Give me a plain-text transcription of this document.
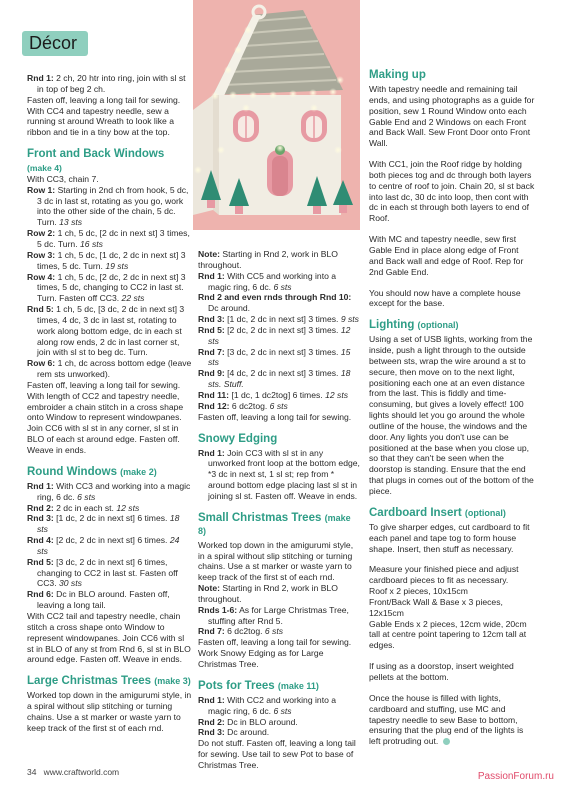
Décor

Rnd 1: 2 ch, 20 htr into ring, join with sl st in top of beg 2 ch.

Fasten off, leaving a long tail for sewing. With CC4 and tapestry needle, sew a running st around Wreath to look like a ribbon and tie in a tiny bow at the top.

Front and Back Windows

(make 4)

With CC3, chain 7.

Row 1: Starting in 2nd ch from hook, 5 dc, 3 dc in last st, rotating as you go, work into the other side of the chain, 5 dc. Turn. 13 sts

Row 2: 1 ch, 5 dc, [2 dc in next st] 3 times, 5 dc. Turn. 16 sts

Row 3: 1 ch, 5 dc, [1 dc, 2 dc in next st] 3 times, 5 dc. Turn. 19 sts

Row 4: 1 ch, 5 dc, [2 dc, 2 dc in next st] 3 times, 5 dc, changing to CC2 in last st. Turn. Fasten off CC3. 22 sts

Rnd 5: 1 ch, 5 dc, [3 dc, 2 dc in next st] 3 times, 4 dc, 3 dc in last st, rotating to work along bottom edge, dc in each st along row ends, 2 dc in last corner st, join with sl st to beg dc. Turn.

Row 6: 1 ch, dc across bottom edge (leave rem sts unworked).

Fasten off, leaving a long tail for sewing. With length of CC2 and tapestry needle, embroider a chain stitch in a cross shape onto Window to represent windowpanes. Join CC6 with sl st in any corner, sl st in BLO of each st around edge. Fasten off. Weave in ends.

Round Windows (make 2)

Rnd 1: With CC3 and working into a magic ring, 6 dc. 6 sts

Rnd 2: 2 dc in each st. 12 sts

Rnd 3: [1 dc, 2 dc in next st] 6 times. 18 sts

Rnd 4: [2 dc, 2 dc in next st] 6 times. 24 sts

Rnd 5: [3 dc, 2 dc in next st] 6 times, changing to CC2 in last st. Fasten off CC3. 30 sts

Rnd 6: Dc in BLO around. Fasten off, leaving a long tail.

With CC2 tail and tapestry needle, chain stitch a cross shape onto Window to represent windowpanes. Join CC6 with sl st in BLO of any st from Rnd 6, sl st in BLO around edge. Fasten off. Weave in ends.

Large Christmas Trees (make 3)

Worked top down in the amigurumi style, in a spiral without slip stitching or turning chains. Use a st marker or waste yarn to keep track of the first st of each rnd.

Note: Starting in Rnd 2, work in BLO throughout.

Rnd 1: With CC5 and working into a magic ring, 6 dc. 6 sts

Rnd 2 and even rnds through Rnd 10: Dc around.

Rnd 3: [1 dc, 2 dc in next st] 3 times. 9 sts

Rnd 5: [2 dc, 2 dc in next st] 3 times. 12 sts

Rnd 7: [3 dc, 2 dc in next st] 3 times. 15 sts

Rnd 9: [4 dc, 2 dc in next st] 3 times. 18 sts. Stuff.

Rnd 11: [1 dc, 1 dc2tog] 6 times. 12 sts

Rnd 12: 6 dc2tog. 6 sts

Fasten off, leaving a long tail for sewing.

Snowy Edging

Rnd 1: Join CC3 with sl st in any unworked front loop at the bottom edge, *3 dc in next st, 1 sl st; rep from * around bottom edge placing last sl st in joining sl st. Fasten off. Weave in ends.

Small Christmas Trees (make 8)

Worked top down in the amigurumi style, in a spiral without slip stitching or turning chains. Use a st marker or waste yarn to keep track of the first st of each rnd.

Note: Starting in Rnd 2, work in BLO throughout.

Rnds 1-6: As for Large Christmas Tree, stuffing after Rnd 5.

Rnd 7: 6 dc2tog. 6 sts

Fasten off, leaving a long tail for sewing. Work Snowy Edging as for Large Christmas Tree.

Pots for Trees (make 11)

Rnd 1: With CC2 and working into a magic ring, 6 dc. 6 sts

Rnd 2: Dc in BLO around.

Rnd 3: Dc around.

Do not stuff. Fasten off, leaving a long tail for sewing. Use tail to sew Pot to base of Christmas Tree.

Making up

With tapestry needle and remaining tail ends, and using photographs as a guide for position, sew 1 Round Window onto each Gable End and 2 Windows on each Front and Back Wall. Sew Front Door onto Front Wall.

With CC1, join the Roof ridge by holding both pieces tog and dc through both layers to centre of roof to join. Chain 20, sl st back into last dc, 30 dc into loop, then cont with dc in each st through both layers to end of Roof.

With MC and tapestry needle, sew first Gable End in place along edge of Front and Back wall and edge of Roof. Rep for 2nd Gable End.

You should now have a complete house except for the base.

Lighting (optional)

Using a set of USB lights, working from the inside, push a light through to the outside between sts, wrap the wire around a st to secure, then move on to the next light, positioning each one at an even distance from the last. This is fiddly and time-consuming, but gives a lovely effect! 100 lights should let you go around the whole outline of the house, the windows and the door. Any lights you don't use can be positioned at the base when you close up, so that they can't be seen when the doorstop is standing. Ensure that the end that plugs in comes out of the bottom of the piece.

Cardboard Insert (optional)

To give sharper edges, cut cardboard to fit each panel and tape tog to form house shape. Insert, then stuff as necessary.

Measure your finished piece and adjust cardboard pieces to fit as necessary.

Roof x 2 pieces, 10x15cm

Front/Back Wall & Base x 3 pieces, 12x15cm

Gable Ends x 2 pieces, 12cm wide, 20cm tall at centre point tapering to 12cm tall at edges.

If using as a doorstop, insert weighted pellets at the bottom.

Once the house is filled with lights, cardboard and stuffing, use MC and tapestry needle to sew Base to bottom, ensuring that the plug end of the lights is left protruding out.

34 www.craftworld.com	PassionForum.ru
